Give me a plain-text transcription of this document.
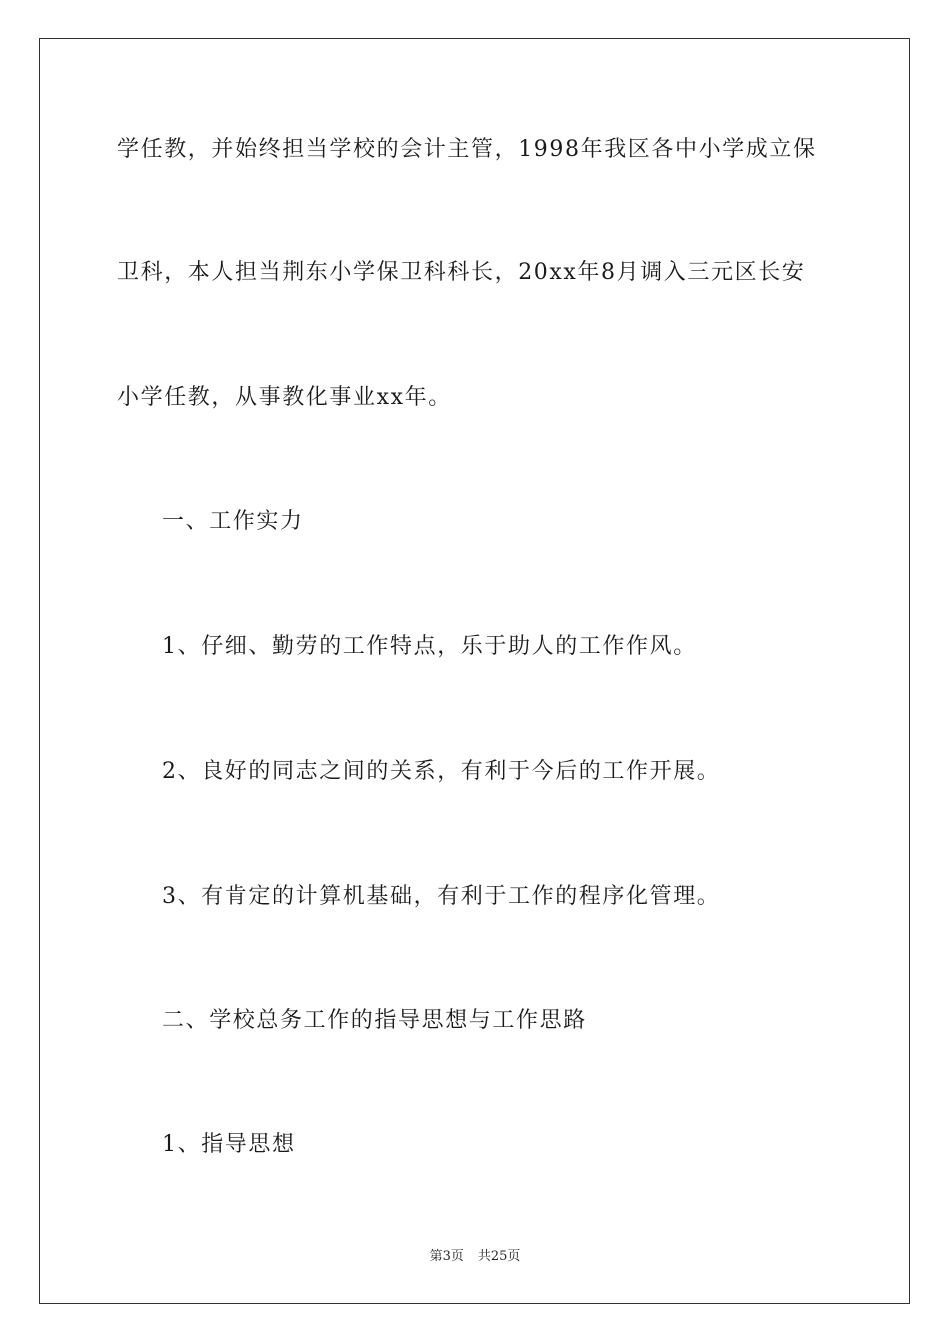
学任教，并始终担当学校的会计主管，1998年我区各中小学成立保

卫科，本人担当荆东小学保卫科科长，20xx年8月调入三元区长安

小学任教，从事教化事业xx年。

一、工作实力

1、仔细、勤劳的工作特点，乐于助人的工作作风。

2、良好的同志之间的关系，有利于今后的工作开展。

3、有肯定的计算机基础，有利于工作的程序化管理。

二、学校总务工作的指导思想与工作思路

1、指导思想

第3页 共25页
